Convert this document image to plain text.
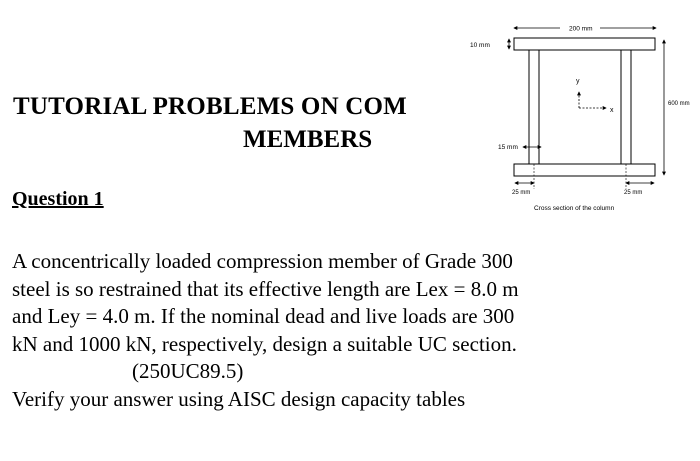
TUTORIAL PROBLEMS ON COM
MEMBERS
Question 1

A concentrically loaded compression member of Grade 300

steel is so restrained that its effective length are Lex = 8.0 m

and Ley = 4.0 m. If the nominal dead and live loads are 300

kN and 1000 kN, respectively, design a suitable UC section.

(250UC89.5)

Verify your answer using AISC design capacity tables

200 mm
10 mm
600 mm
y
x
15 mm
25 mm	25 mm
Cross section of the column
